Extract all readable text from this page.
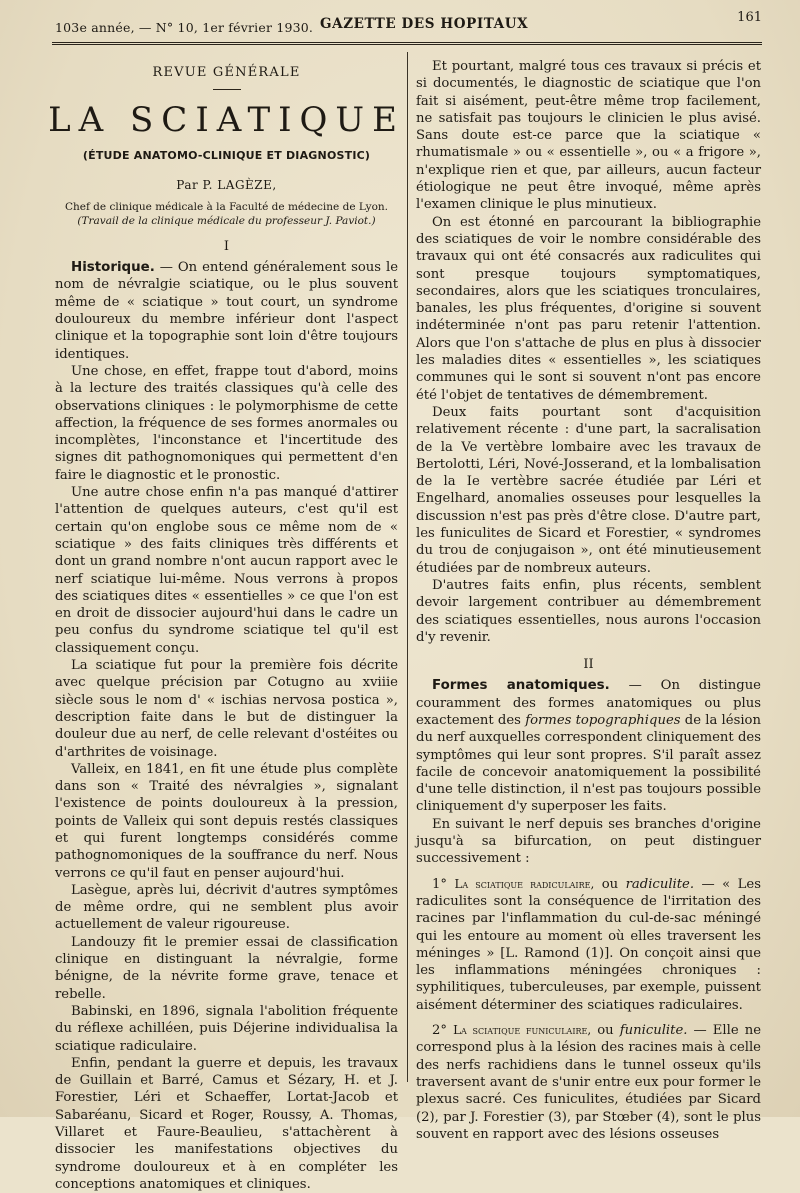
103e année, — N° 10, 1er février 1930. GAZETTE DES HOPITAUX	161
REVUE GÉNÉRALE
LA SCIATIQUE
(ÉTUDE ANATOMO-CLINIQUE ET DIAGNOSTIC)
Par P. LAGÈZE,
Chef de clinique médicale à la Faculté de médecine de Lyon.
(Travail de la clinique médicale du professeur J. Paviot.)
I

Historique. — On entend généralement sous le nom de névralgie sciatique, ou le plus souvent même de « sciatique » tout court, un syndrome douloureux du membre inférieur dont l'aspect clinique et la topographie sont loin d'être toujours identiques.

Une chose, en effet, frappe tout d'abord, moins à la lecture des traités classiques qu'à celle des observations cliniques : le polymorphisme de cette affection, la fréquence de ses formes anormales ou incomplètes, l'inconstance et l'incertitude des signes dit pathognomoniques qui permettent d'en faire le diagnostic et le pronostic.

Une autre chose enfin n'a pas manqué d'attirer l'attention de quelques auteurs, c'est qu'il est certain qu'on englobe sous ce même nom de « sciatique » des faits cliniques très différents et dont un grand nombre n'ont aucun rapport avec le nerf sciatique lui-même. Nous verrons à propos des sciatiques dites « essentielles » ce que l'on est en droit de dissocier aujourd'hui dans le cadre un peu confus du syndrome sciatique tel qu'il est classiquement conçu.

La sciatique fut pour la première fois décrite avec quelque précision par Cotugno au xviiie siècle sous le nom d' « ischias nervosa postica », description faite dans le but de distinguer la douleur due au nerf, de celle relevant d'ostéites ou d'arthrites de voisinage.

Valleix, en 1841, en fit une étude plus complète dans son « Traité des névralgies », signalant l'existence de points douloureux à la pression, points de Valleix qui sont depuis restés classiques et qui furent longtemps considérés comme pathognomoniques de la souffrance du nerf. Nous verrons ce qu'il faut en penser aujourd'hui.

Lasègue, après lui, décrivit d'autres symptômes de même ordre, qui ne semblent plus avoir actuellement de valeur rigoureuse.

Landouzy fit le premier essai de classification clinique en distinguant la névralgie, forme bénigne, de la névrite forme grave, tenace et rebelle.

Babinski, en 1896, signala l'abolition fréquente du réflexe achilléen, puis Déjerine individualisa la sciatique radiculaire.

Enfin, pendant la guerre et depuis, les travaux de Guillain et Barré, Camus et Sézary, H. et J. Forestier, Léri et Schaeffer, Lortat-Jacob et Sabaréanu, Sicard et Roger, Roussy, A. Thomas, Villaret et Faure-Beaulieu, s'attachèrent à dissocier les manifestations objectives du syndrome douloureux et à en compléter les conceptions anatomiques et cliniques.

Et pourtant, malgré tous ces travaux si précis et si documentés, le diagnostic de sciatique que l'on fait si aisément, peut-être même trop facilement, ne satisfait pas toujours le clinicien le plus avisé. Sans doute est-ce parce que la sciatique « rhumatismale » ou « essentielle », ou « a frigore », n'explique rien et que, par ailleurs, aucun facteur étiologique ne peut être invoqué, même après l'examen clinique le plus minutieux.

On est étonné en parcourant la bibliographie des sciatiques de voir le nombre considérable des travaux qui ont été consacrés aux radiculites qui sont presque toujours symptomatiques, secondaires, alors que les sciatiques tronculaires, banales, les plus fréquentes, d'origine si souvent indéterminée n'ont pas paru retenir l'attention. Alors que l'on s'attache de plus en plus à dissocier les maladies dites « essentielles », les sciatiques communes qui le sont si souvent n'ont pas encore été l'objet de tentatives de démembrement.

Deux faits pourtant sont d'acquisition relativement récente : d'une part, la sacralisation de la Ve vertèbre lombaire avec les travaux de Bertolotti, Léri, Nové-Josserand, et la lombalisation de la Ie vertèbre sacrée étudiée par Léri et Engelhard, anomalies osseuses pour lesquelles la discussion n'est pas près d'être close. D'autre part, les funiculites de Sicard et Forestier, « syndromes du trou de conjugaison », ont été minutieusement étudiées par de nombreux auteurs.

D'autres faits enfin, plus récents, semblent devoir largement contribuer au démembrement des sciatiques essentielles, nous aurons l'occasion d'y revenir.

II

Formes anatomiques. — On distingue couramment des formes anatomiques ou plus exactement des formes topographiques de la lésion du nerf auxquelles correspondent cliniquement des symptômes qui leur sont propres. S'il paraît assez facile de concevoir anatomiquement la possibilité d'une telle distinction, il n'est pas toujours possible cliniquement d'y superposer les faits.

En suivant le nerf depuis ses branches d'origine jusqu'à sa bifurcation, on peut distinguer successivement :

1° La sciatique radiculaire, ou radiculite. — « Les radiculites sont la conséquence de l'irritation des racines par l'inflammation du cul-de-sac méningé qui les entoure au moment où elles traversent les méninges » [L. Ramond (1)]. On conçoit ainsi que les inflammations méningées chroniques : syphilitiques, tuberculeuses, par exemple, puissent aisément déterminer des sciatiques radiculaires.

2° La sciatique funiculaire, ou funiculite. — Elle ne correspond plus à la lésion des racines mais à celle des nerfs rachidiens dans le tunnel osseux qu'ils traversent avant de s'unir entre eux pour former le plexus sacré. Ces funiculites, étudiées par Sicard (2), par J. Forestier (3), par Stœber (4), sont le plus souvent en rapport avec des lésions osseuses
